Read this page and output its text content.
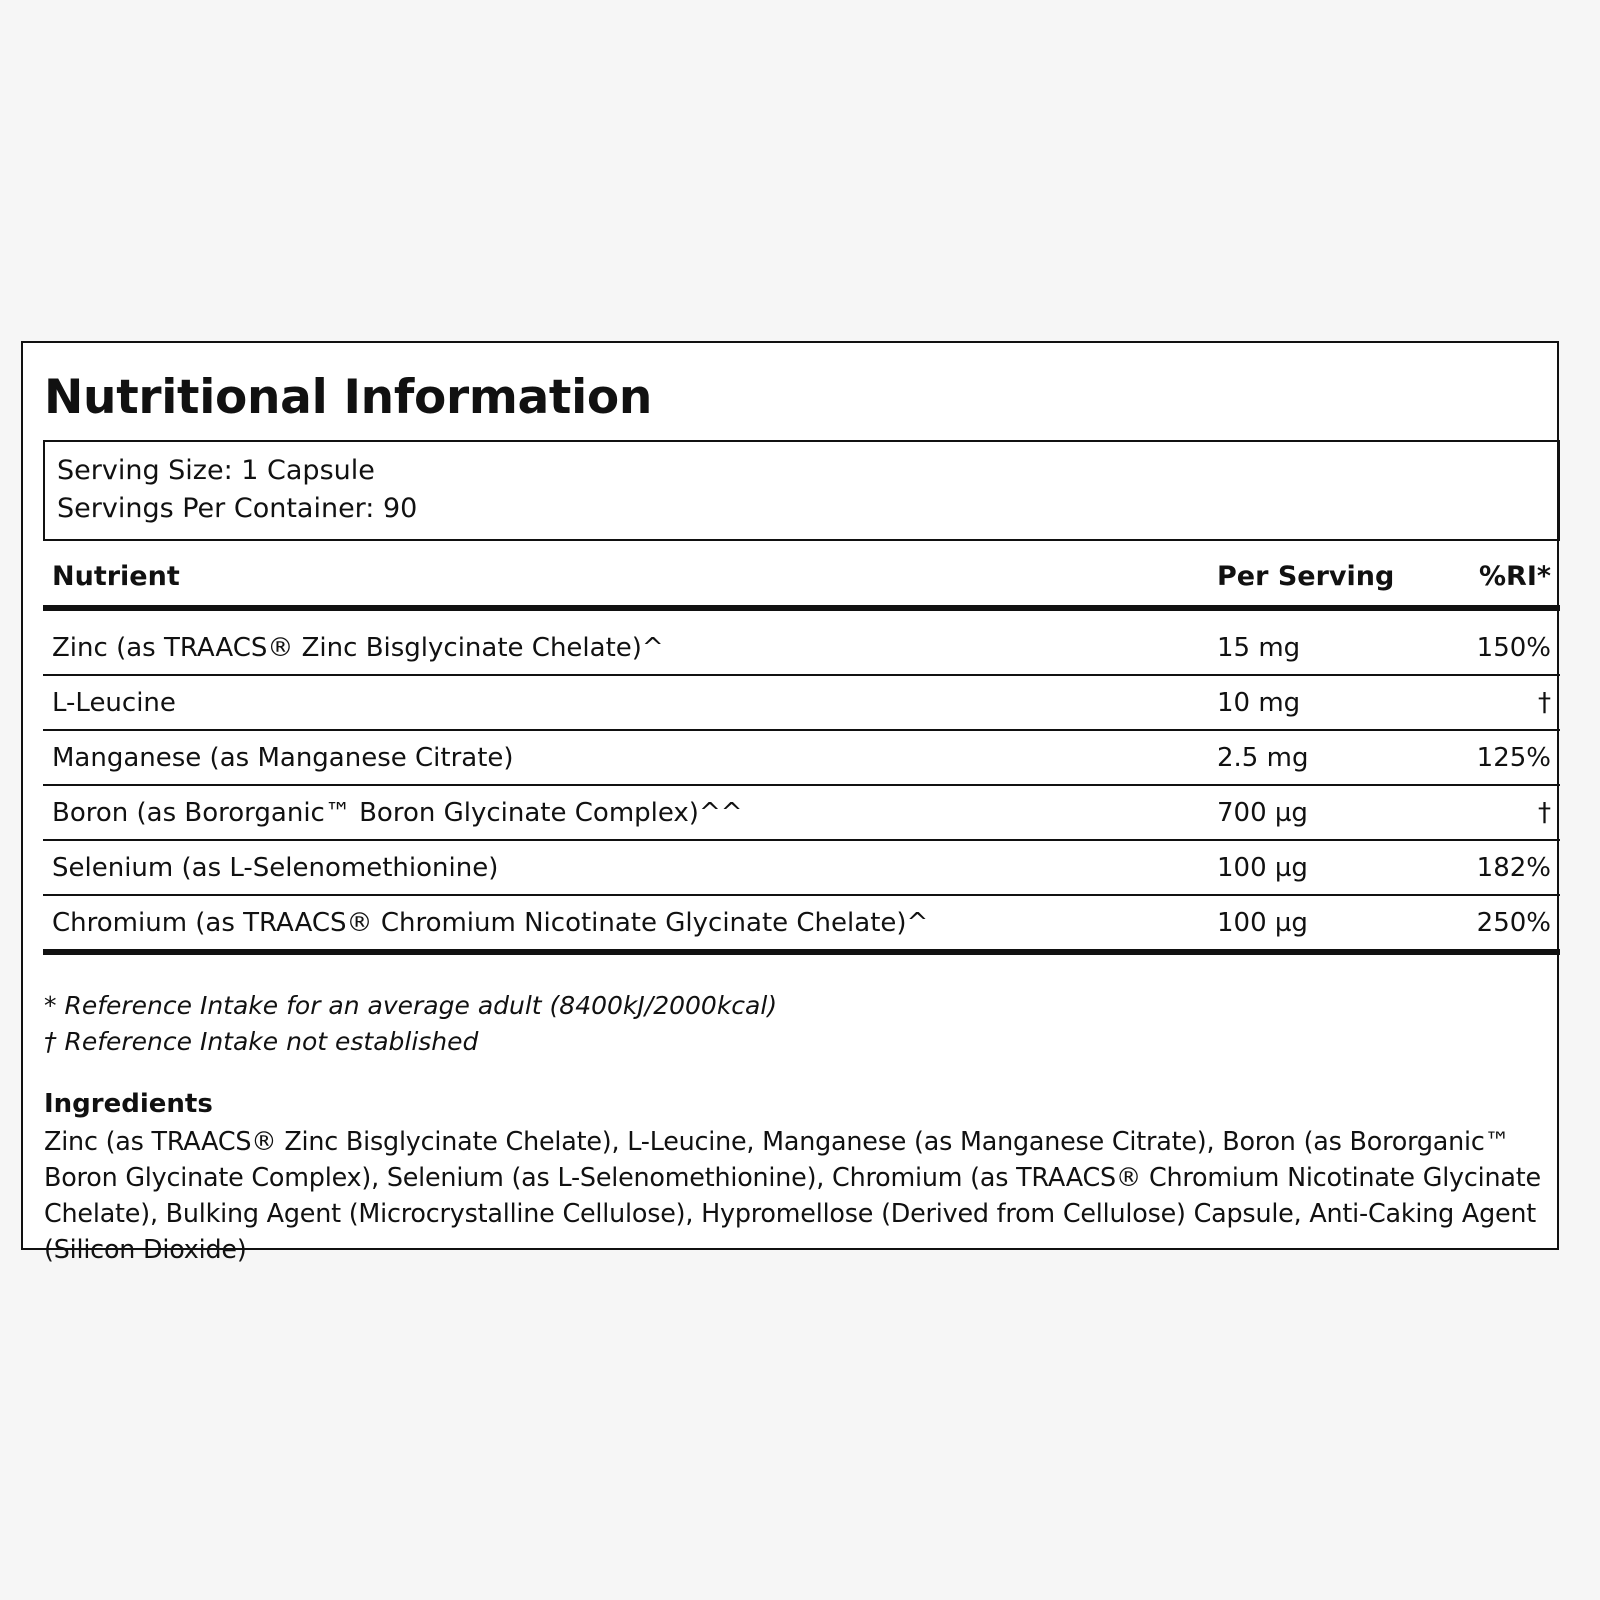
Nutritional Information
Serving Size: 1 Capsule
Servings Per Container: 90
Nutrient	Per Serving	%RI*
Zinc (as TRAACS® Zinc Bisglycinate Chelate)^	15 mg	150%
L-Leucine	10 mg	†
Manganese (as Manganese Citrate)	2.5 mg	125%
Boron (as Bororganic™ Boron Glycinate Complex)^^	700 µg	†
Selenium (as L-Selenomethionine)	100 µg	182%
Chromium (as TRAACS® Chromium Nicotinate Glycinate Chelate)^	100 µg	250%
* Reference Intake for an average adult (8400kJ/2000kcal)
† Reference Intake not established
Ingredients
Zinc (as TRAACS® Zinc Bisglycinate Chelate), L-Leucine, Manganese (as Manganese Citrate), Boron (as Bororganic™ Boron Glycinate Complex), Selenium (as L-Selenomethionine), Chromium (as TRAACS® Chromium Nicotinate Glycinate Chelate), Bulking Agent (Microcrystalline Cellulose), Hypromellose (Derived from Cellulose) Capsule, Anti-Caking Agent (Silicon Dioxide)
